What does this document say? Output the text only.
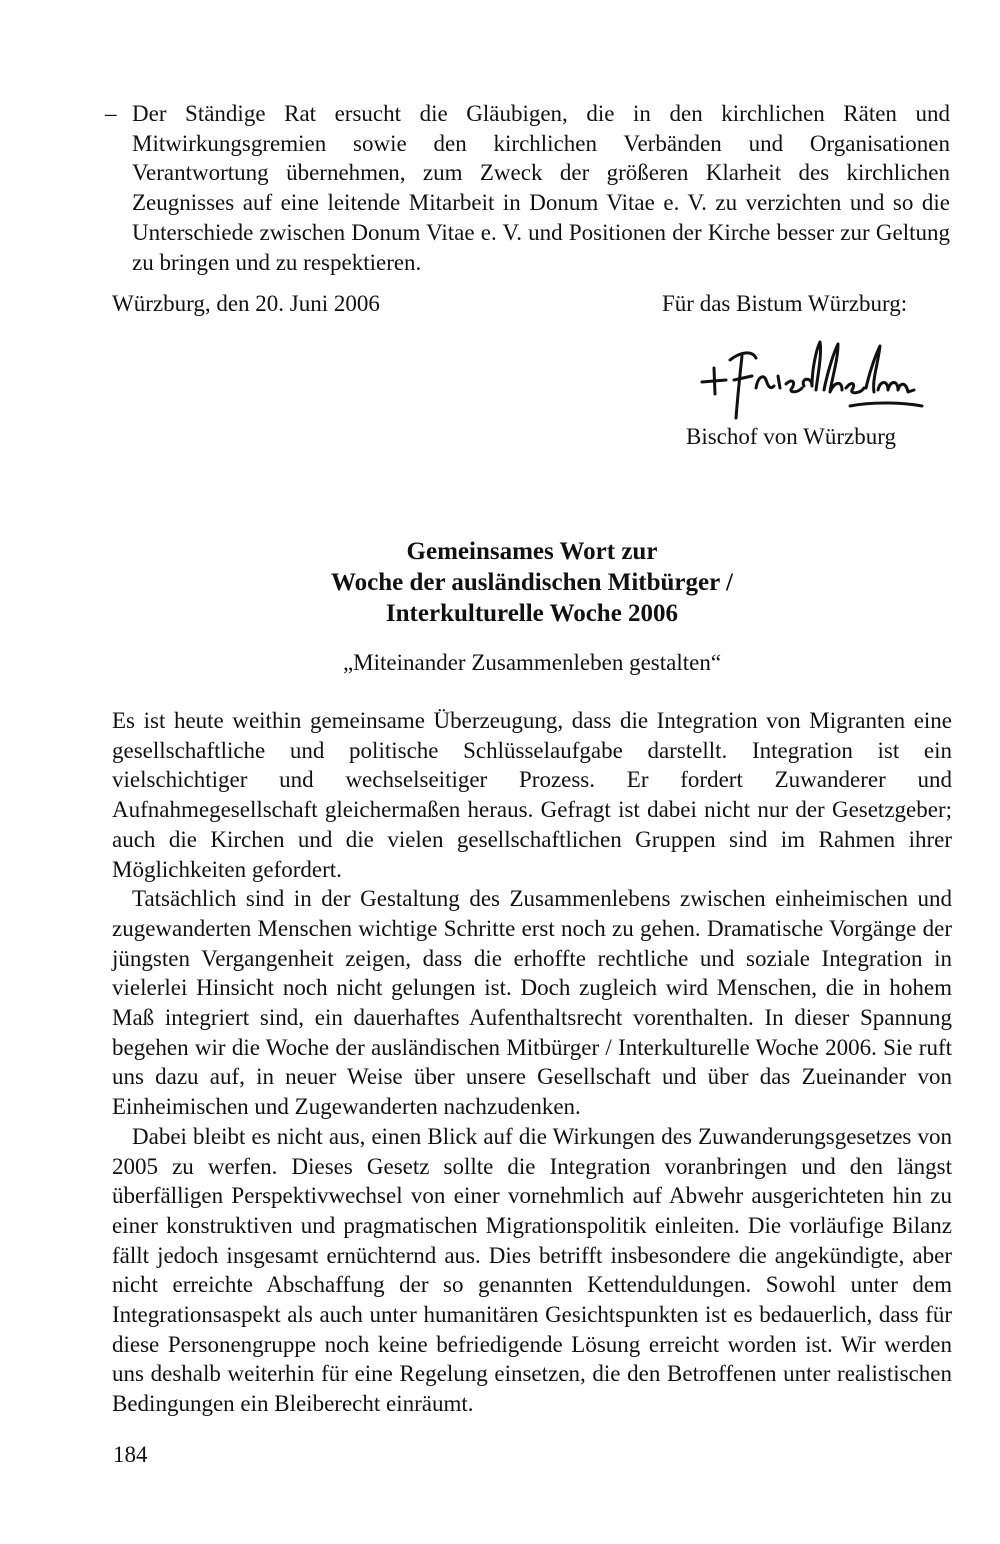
– Der Ständige Rat ersucht die Gläubigen, die in den kirchlichen Räten und Mitwirkungsgremien sowie den kirchlichen Verbänden und Organisationen Verantwortung übernehmen, zum Zweck der größeren Klarheit des kirchlichen Zeugnisses auf eine leitende Mitarbeit in Donum Vitae e. V. zu verzichten und so die Unterschiede zwischen Donum Vitae e. V. und Positionen der Kirche besser zur Geltung zu bringen und zu respektieren.
Würzburg, den 20. Juni 2006	Für das Bistum Würzburg:
Bischof von Würzburg
Gemeinsames Wort zur
Woche der ausländischen Mitbürger /
Interkulturelle Woche 2006
„Miteinander Zusammenleben gestalten“

Es ist heute weithin gemeinsame Überzeugung, dass die Integration von Migranten eine gesellschaftliche und politische Schlüsselaufgabe darstellt. Integration ist ein vielschichtiger und wechselseitiger Prozess. Er fordert Zuwanderer und Aufnahmegesellschaft gleichermaßen heraus. Gefragt ist dabei nicht nur der Gesetzgeber; auch die Kirchen und die vielen gesellschaftlichen Gruppen sind im Rahmen ihrer Möglichkeiten gefordert.

Tatsächlich sind in der Gestaltung des Zusammenlebens zwischen einheimischen und zugewanderten Menschen wichtige Schritte erst noch zu gehen. Dramatische Vorgänge der jüngsten Vergangenheit zeigen, dass die erhoffte rechtliche und soziale Integration in vielerlei Hinsicht noch nicht gelungen ist. Doch zugleich wird Menschen, die in hohem Maß integriert sind, ein dauerhaftes Aufenthaltsrecht vorenthalten. In dieser Spannung begehen wir die Woche der ausländischen Mitbürger / Interkulturelle Woche 2006. Sie ruft uns dazu auf, in neuer Weise über unsere Gesellschaft und über das Zueinander von Einheimischen und Zugewanderten nachzudenken.

Dabei bleibt es nicht aus, einen Blick auf die Wirkungen des Zuwanderungsgesetzes von 2005 zu werfen. Dieses Gesetz sollte die Integration voranbringen und den längst überfälligen Perspektivwechsel von einer vornehmlich auf Abwehr ausgerichteten hin zu einer konstruktiven und pragmatischen Migrationspolitik einleiten. Die vorläufige Bilanz fällt jedoch insgesamt ernüchternd aus. Dies betrifft insbesondere die angekündigte, aber nicht erreichte Abschaffung der so genannten Kettenduldungen. Sowohl unter dem Integrationsaspekt als auch unter humanitären Gesichtspunkten ist es bedauerlich, dass für diese Personengruppe noch keine befriedigende Lösung erreicht worden ist. Wir werden uns deshalb weiterhin für eine Regelung einsetzen, die den Betroffenen unter realistischen Bedingungen ein Bleiberecht einräumt.

184
